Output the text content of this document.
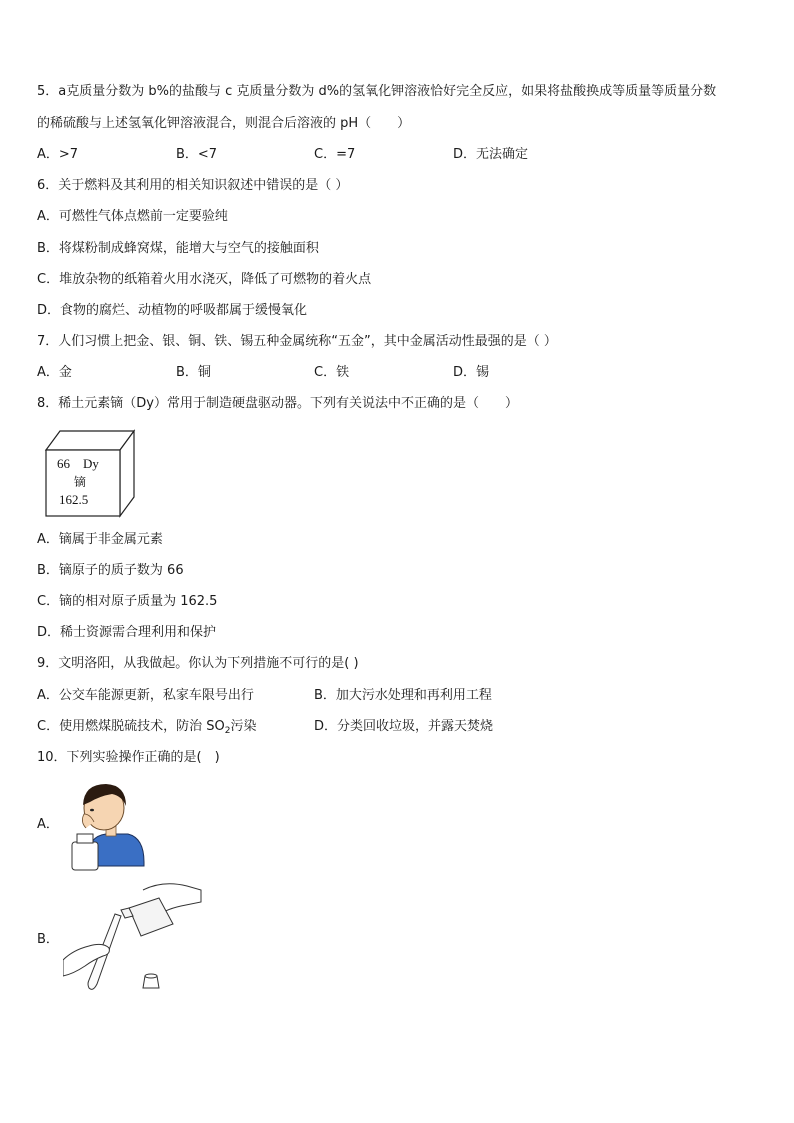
5．a克质量分数为 b%的盐酸与 c 克质量分数为 d%的氢氧化钾溶液恰好完全反应，如果将盐酸换成等质量等质量分数
的稀硫酸与上述氢氧化钾溶液混合，则混合后溶液的 pH（　　）
A．>7	B．<7	C．=7	D．无法确定
6．关于燃料及其利用的相关知识叙述中错误的是（ ）
A．可燃性气体点燃前一定要验纯
B．将煤粉制成蜂窝煤，能增大与空气的接触面积
C．堆放杂物的纸箱着火用水浇灭，降低了可燃物的着火点
D．食物的腐烂、动植物的呼吸都属于缓慢氧化
7．人们习惯上把金、银、铜、铁、锡五种金属统称“五金”，其中金属活动性最强的是（ ）
A．金	B．铜	C．铁	D．锡
8．稀土元素镝（Dy）常用于制造硬盘驱动器。下列有关说法中不正确的是（　　）
66 Dy
镝
162.5
A．镝属于非金属元素
B．镝原子的质子数为 66
C．镝的相对原子质量为 162.5
D．稀士资源需合理利用和保护
9．文明洛阳，从我做起。你认为下列措施不可行的是( )
A．公交车能源更新，私家车限号出行	B．加大污水处理和再利用工程
C．使用燃煤脱硫技术，防治 $SO_2$污染	D．分类回收垃圾，并露天焚烧
10．下列实验操作正确的是(　)
A．
B．
